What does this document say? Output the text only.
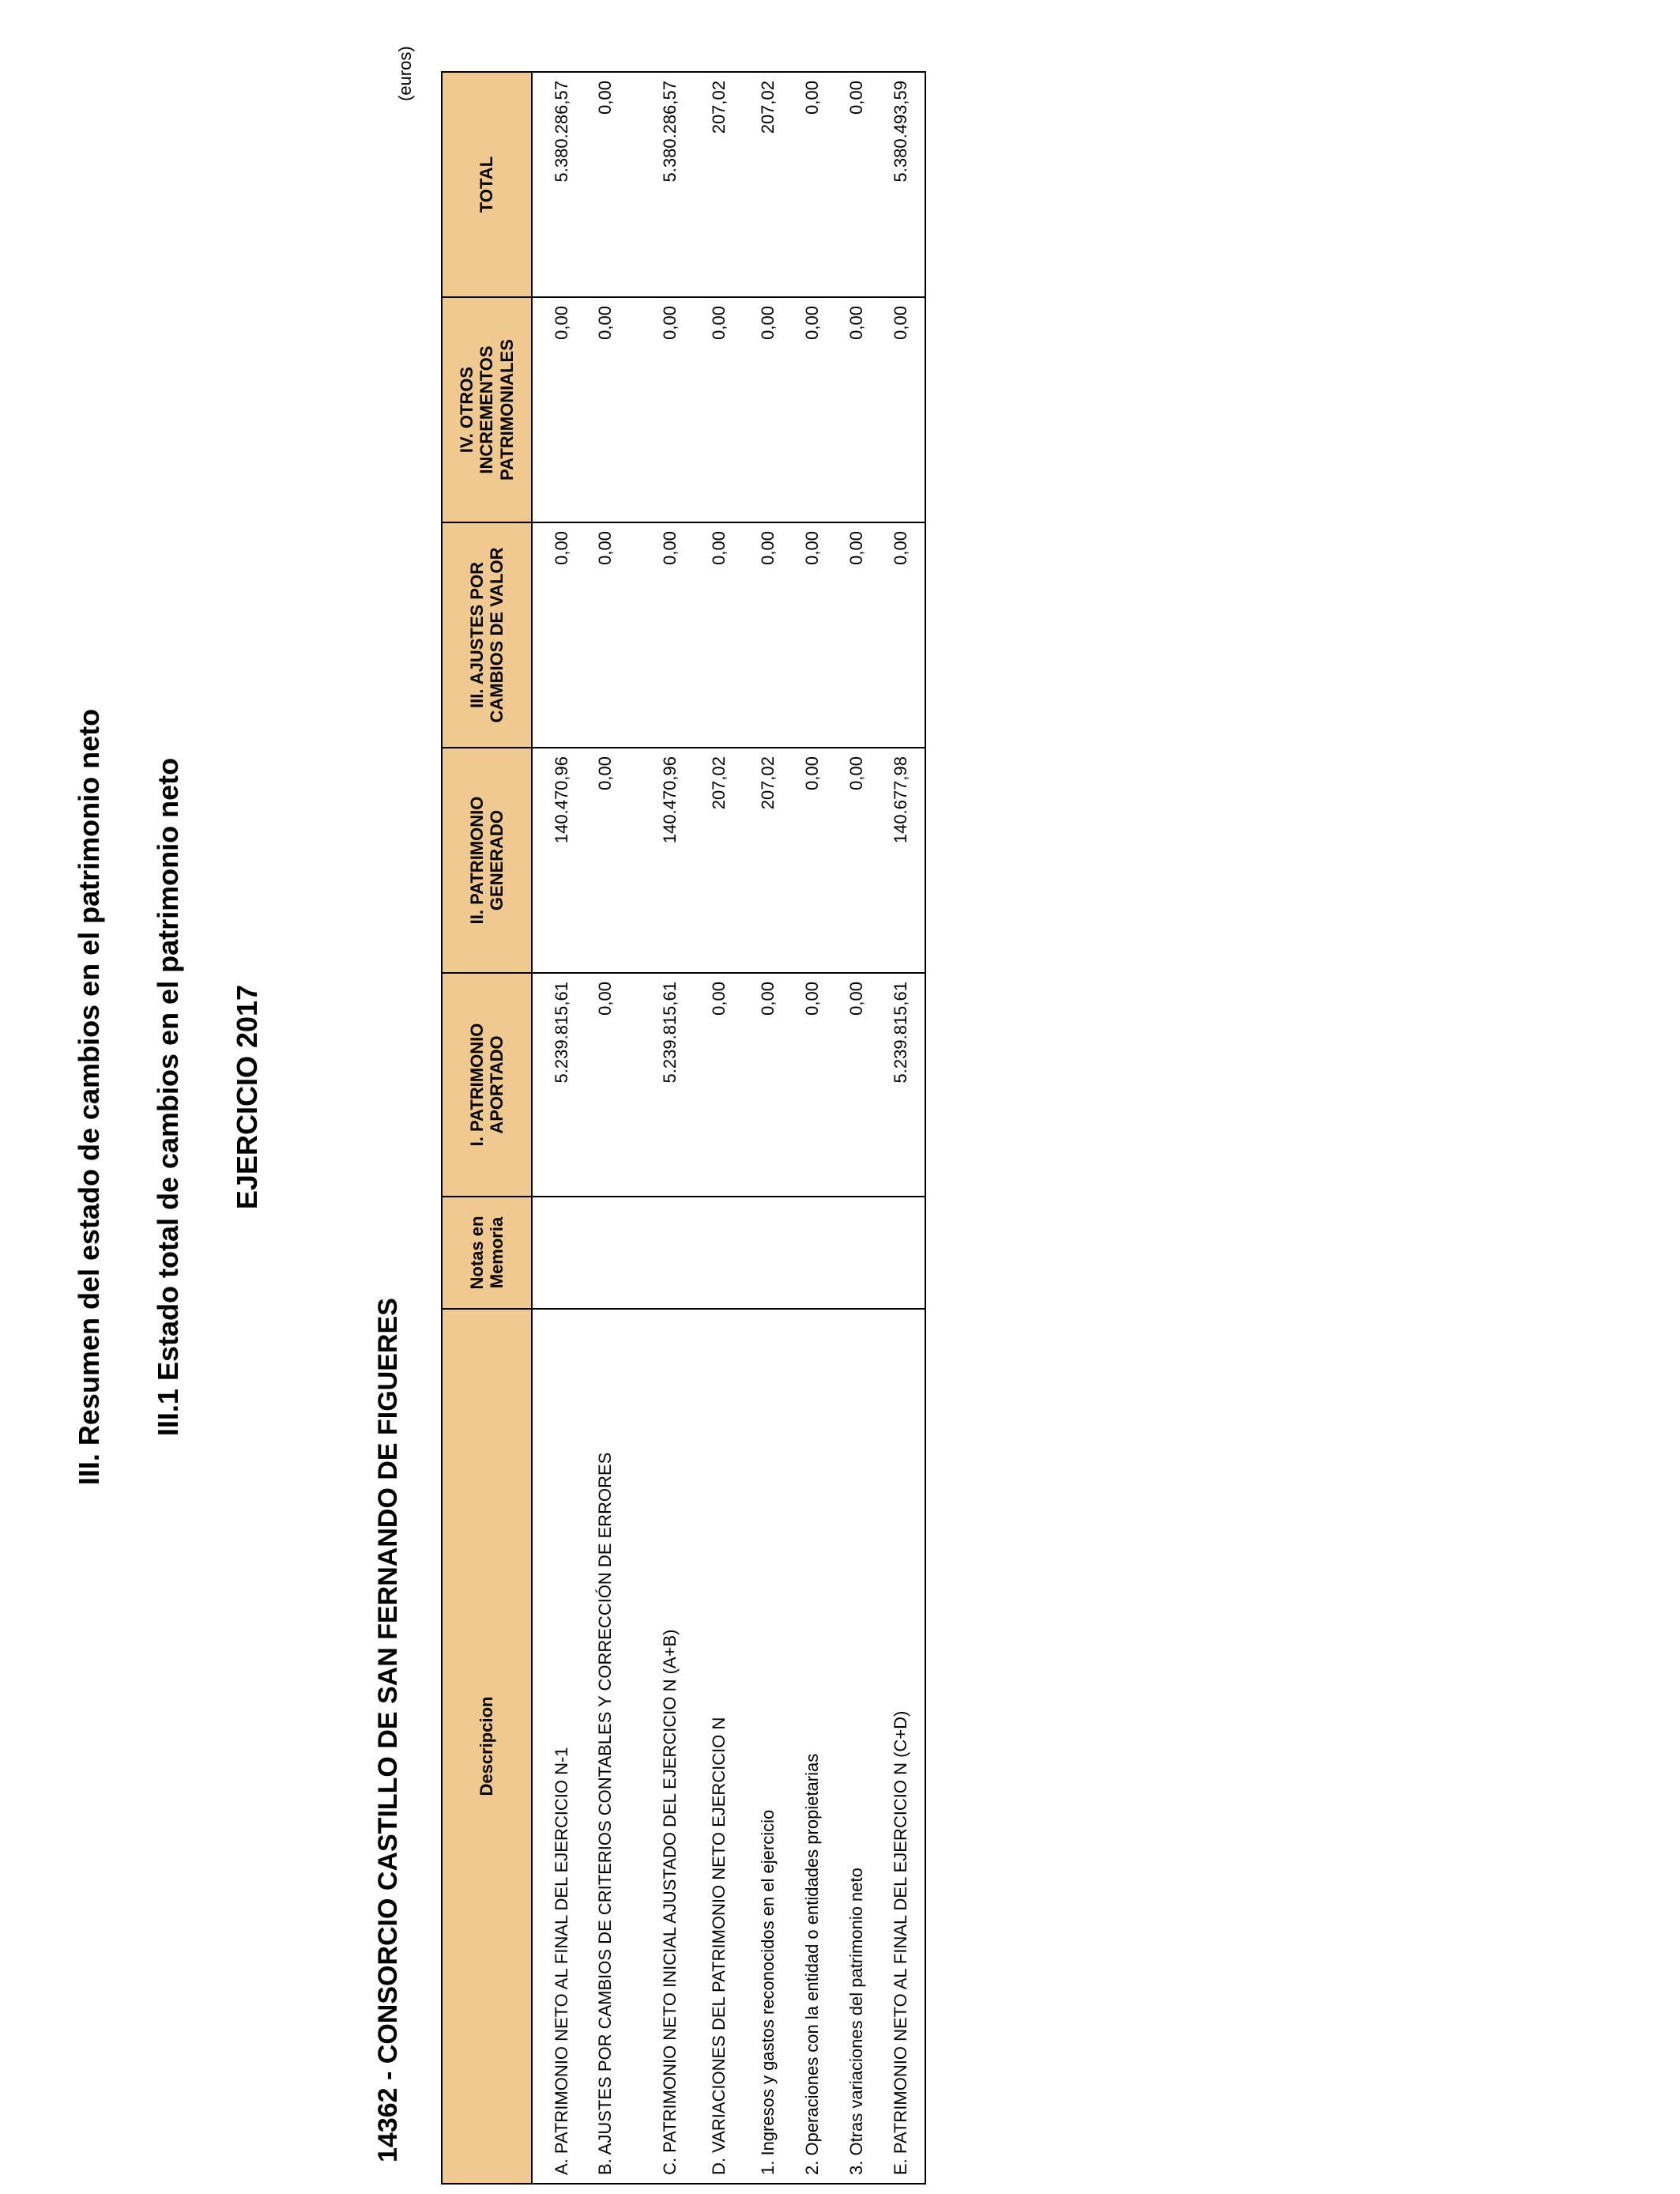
III. Resumen del estado de cambios en el patrimonio neto III.1 Estado total de cambios en el patrimonio neto EJERCICIO 2017
14362 - CONSORCIO CASTILLO DE SAN FERNANDO DE FIGUERES
(euros)
Descripcion	Notas en Memoria	I. PATRIMONIO APORTADO	II. PATRIMONIO GENERADO	III. AJUSTES POR CAMBIOS DE VALOR	IV. OTROS INCREMENTOS PATRIMONIALES	TOTAL
A. PATRIMONIO NETO AL FINAL DEL EJERCICIO N-1		5.239.815,61	140.470,96	0,00	0,00	5.380.286,57
B. AJUSTES POR CAMBIOS DE CRITERIOS CONTABLES Y CORRECCIÓN DE ERRORES		0,00	0,00	0,00	0,00	0,00
C. PATRIMONIO NETO INICIAL AJUSTADO DEL EJERCICIO N (A+B)		5.239.815,61	140.470,96	0,00	0,00	5.380.286,57
D. VARIACIONES DEL PATRIMONIO NETO EJERCICIO N		0,00	207,02	0,00	0,00	207,02
1. Ingresos y gastos reconocidos en el ejercicio		0,00	207,02	0,00	0,00	207,02
2. Operaciones con la entidad o entidades propietarias		0,00	0,00	0,00	0,00	0,00
3. Otras variaciones del patrimonio neto		0,00	0,00	0,00	0,00	0,00
E. PATRIMONIO NETO AL FINAL DEL EJERCICIO N (C+D)		5.239.815,61	140.677,98	0,00	0,00	5.380.493,59
